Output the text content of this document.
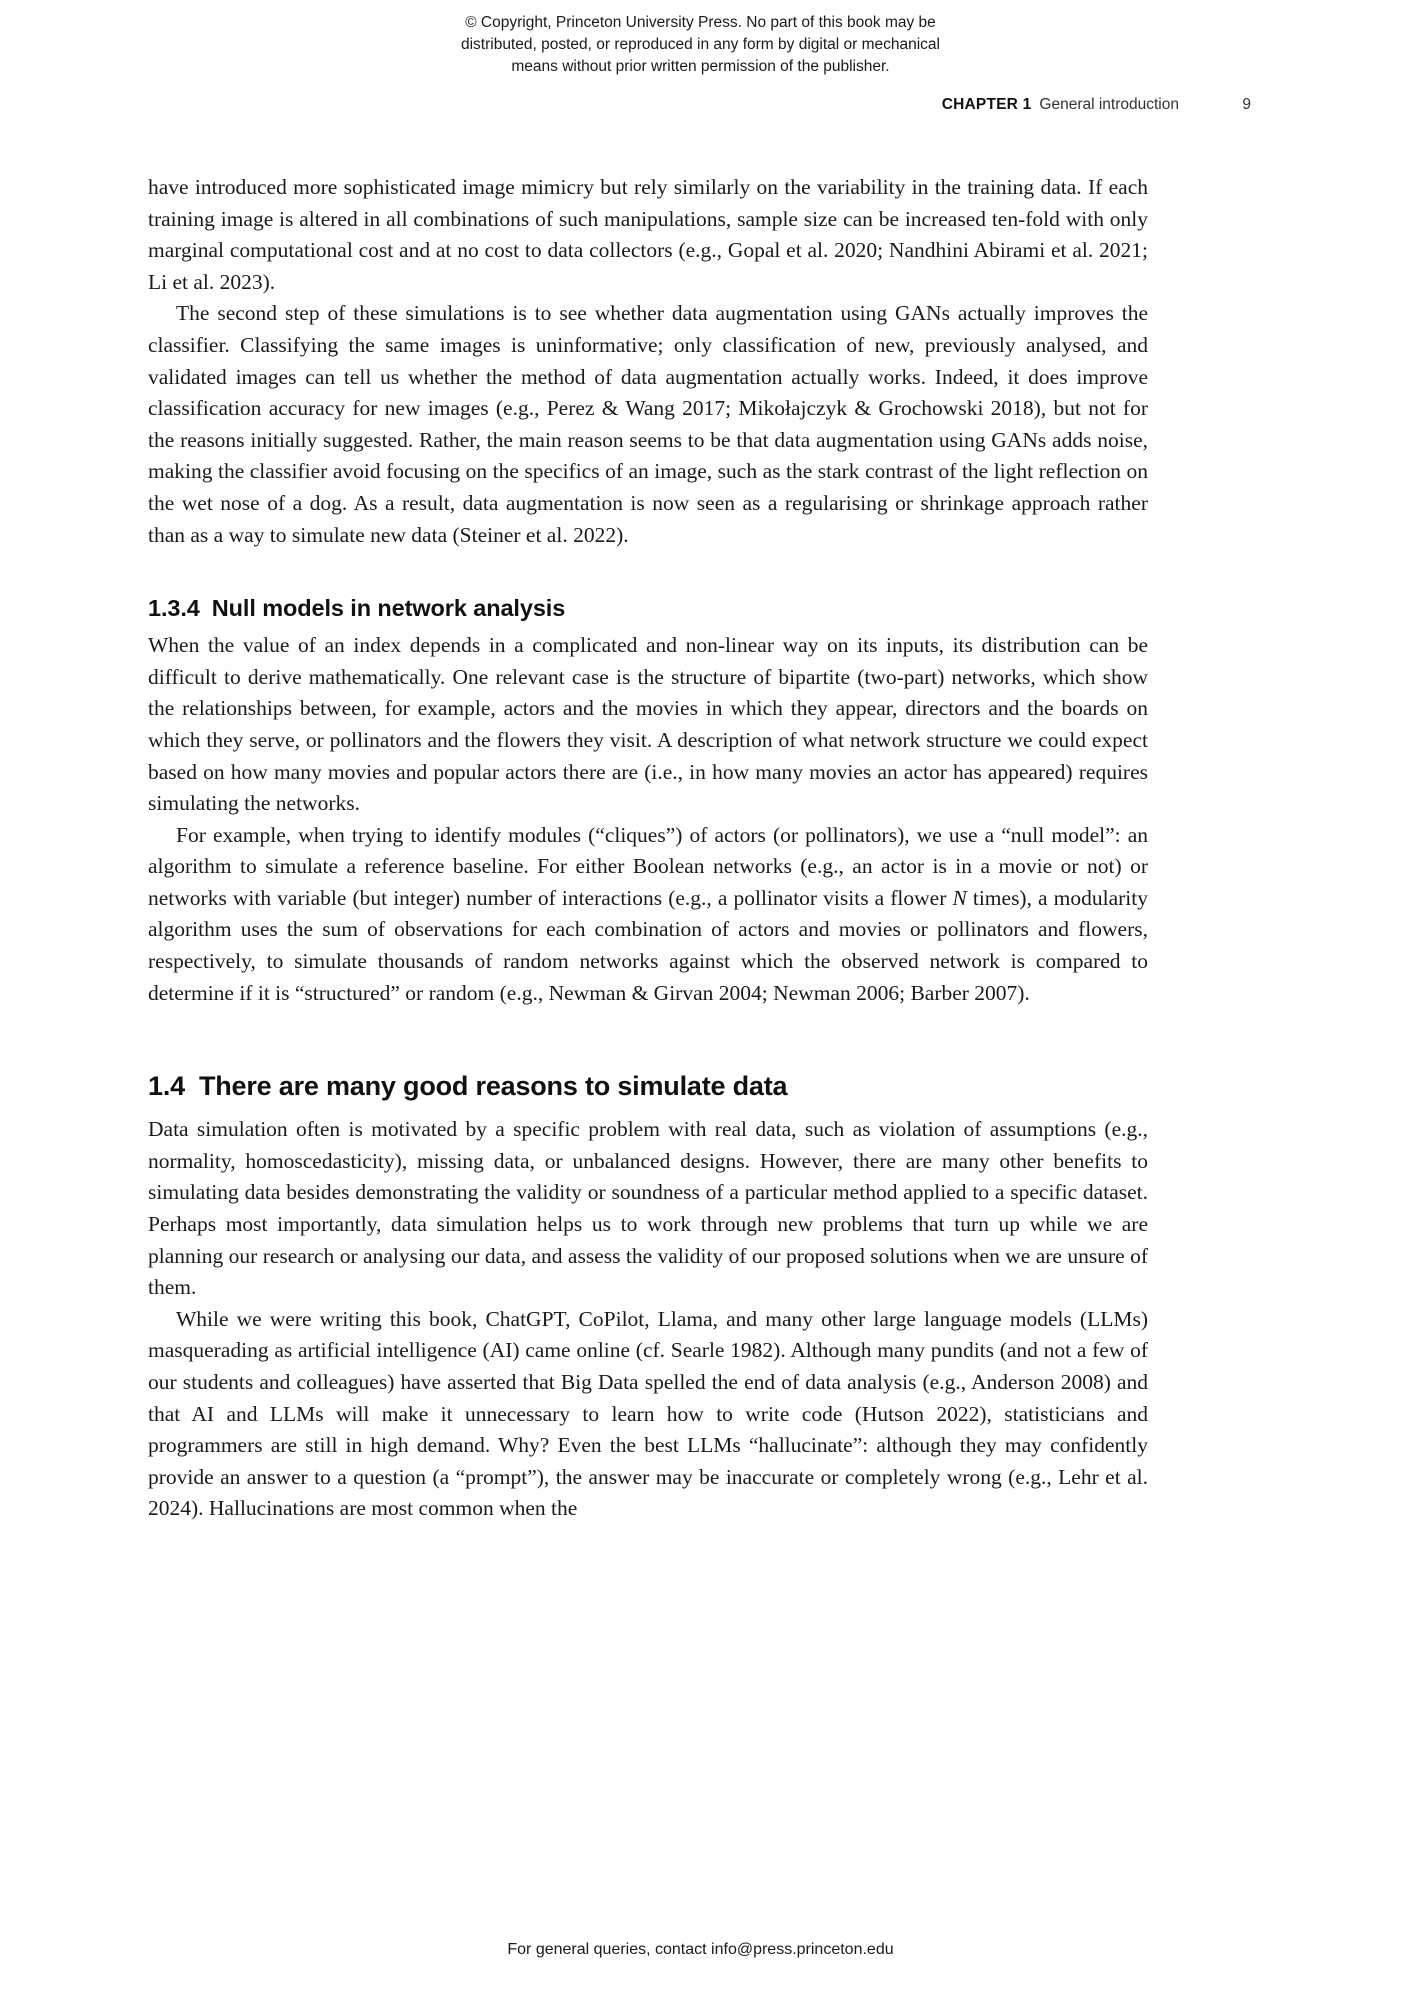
© Copyright, Princeton University Press. No part of this book may be
distributed, posted, or reproduced in any form by digital or mechanical
means without prior written permission of the publisher.
CHAPTER 1 General introduction	9

have introduced more sophisticated image mimicry but rely similarly on the variability in the training data. If each training image is altered in all combinations of such manipulations, sample size can be increased ten-fold with only marginal computational cost and at no cost to data collectors (e.g., Gopal et al. 2020; Nandhini Abirami et al. 2021; Li et al. 2023).

The second step of these simulations is to see whether data augmentation using GANs actually improves the classifier. Classifying the same images is uninformative; only classification of new, previously analysed, and validated images can tell us whether the method of data augmentation actually works. Indeed, it does improve classification accuracy for new images (e.g., Perez & Wang 2017; Mikołajczyk & Grochowski 2018), but not for the reasons initially suggested. Rather, the main reason seems to be that data augmentation using GANs adds noise, making the classifier avoid focusing on the specifics of an image, such as the stark contrast of the light reflection on the wet nose of a dog. As a result, data augmentation is now seen as a regularising or shrinkage approach rather than as a way to simulate new data (Steiner et al. 2022).

1.3.4 Null models in network analysis

When the value of an index depends in a complicated and non-linear way on its inputs, its distribution can be difficult to derive mathematically. One relevant case is the structure of bipartite (two-part) networks, which show the relationships between, for example, actors and the movies in which they appear, directors and the boards on which they serve, or pollinators and the flowers they visit. A description of what network structure we could expect based on how many movies and popular actors there are (i.e., in how many movies an actor has appeared) requires simulating the networks.

For example, when trying to identify modules (“cliques”) of actors (or pollinators), we use a “null model”: an algorithm to simulate a reference baseline. For either Boolean networks (e.g., an actor is in a movie or not) or networks with variable (but integer) number of interactions (e.g., a pollinator visits a flower N times), a modularity algorithm uses the sum of observations for each combination of actors and movies or pollinators and flowers, respectively, to simulate thousands of random networks against which the observed network is compared to determine if it is “structured” or random (e.g., Newman & Girvan 2004; Newman 2006; Barber 2007).

1.4 There are many good reasons to simulate data

Data simulation often is motivated by a specific problem with real data, such as violation of assumptions (e.g., normality, homoscedasticity), missing data, or unbalanced designs. However, there are many other benefits to simulating data besides demonstrating the validity or soundness of a particular method applied to a specific dataset. Perhaps most importantly, data simulation helps us to work through new problems that turn up while we are planning our research or analysing our data, and assess the validity of our proposed solutions when we are unsure of them.

While we were writing this book, ChatGPT, CoPilot, Llama, and many other large language models (LLMs) masquerading as artificial intelligence (AI) came online (cf. Searle 1982). Although many pundits (and not a few of our students and colleagues) have asserted that Big Data spelled the end of data analysis (e.g., Anderson 2008) and that AI and LLMs will make it unnecessary to learn how to write code (Hutson 2022), statisticians and programmers are still in high demand. Why? Even the best LLMs “hallucinate”: although they may confidently provide an answer to a question (a “prompt”), the answer may be inaccurate or completely wrong (e.g., Lehr et al. 2024). Hallucinations are most common when the

For general queries, contact info@press.princeton.edu
